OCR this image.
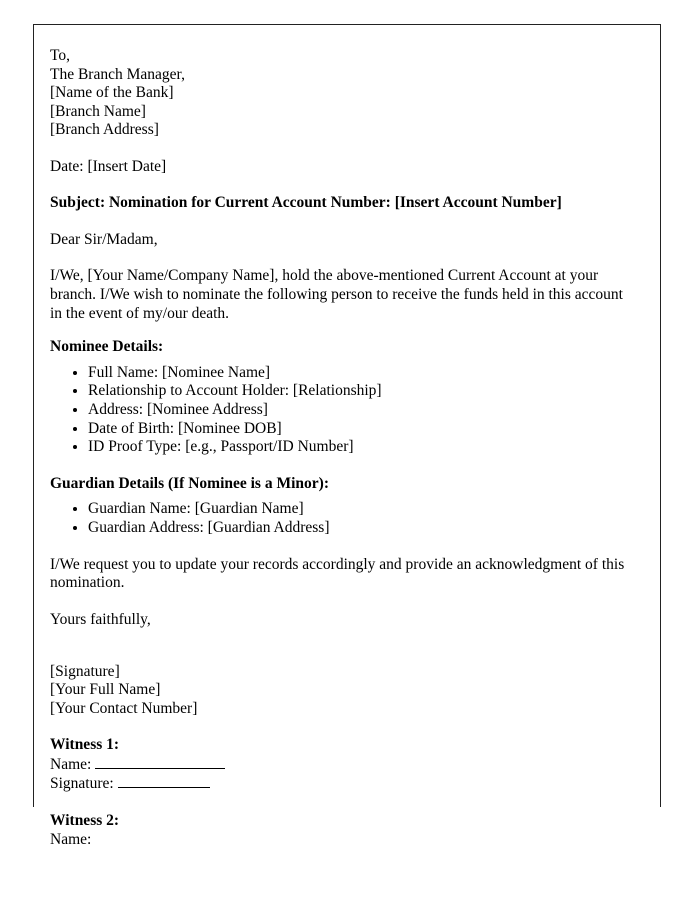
To,
The Branch Manager,
[Name of the Bank]
[Branch Name]
[Branch Address]
Date: [Insert Date]
Subject: Nomination for Current Account Number: [Insert Account Number]
Dear Sir/Madam,

I/We, [Your Name/Company Name], hold the above-mentioned Current Account at your branch. I/We wish to nominate the following person to receive the funds held in this account in the event of my/our death.

Nominee Details:
• Full Name: [Nominee Name]
• Relationship to Account Holder: [Relationship]
• Address: [Nominee Address]
• Date of Birth: [Nominee DOB]
• ID Proof Type: [e.g., Passport/ID Number]
Guardian Details (If Nominee is a Minor):
• Guardian Name: [Guardian Name]
• Guardian Address: [Guardian Address]

I/We request you to update your records accordingly and provide an acknowledgment of this nomination.

Yours faithfully,
[Signature]
[Your Full Name]
[Your Contact Number]
Witness 1:
Name:
Signature:
Witness 2:
Name:
